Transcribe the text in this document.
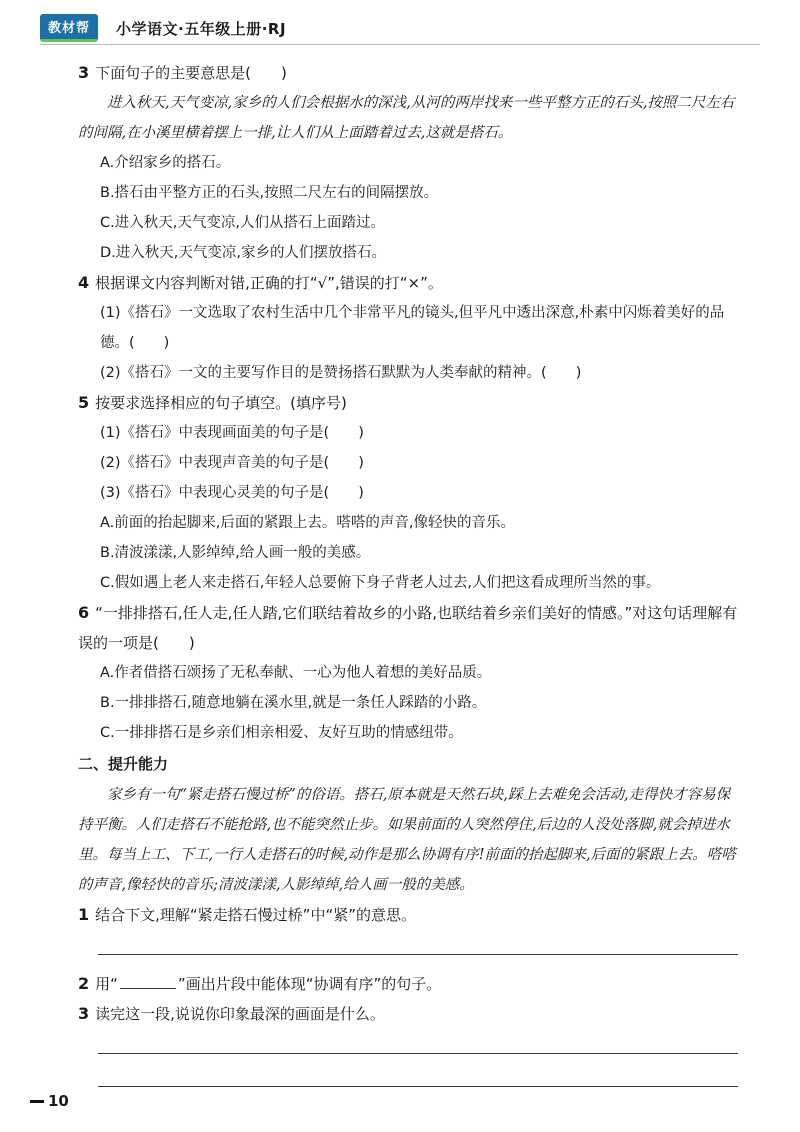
教材帮	小学语文·五年级上册·RJ

3 下面句子的主要意思是(　　)

进入秋天,天气变凉,家乡的人们会根据水的深浅,从河的两岸找来一些平整方正的石头,按照二尺左右的间隔,在小溪里横着摆上一排,让人们从上面踏着过去,这就是搭石。

A.介绍家乡的搭石。

B.搭石由平整方正的石头,按照二尺左右的间隔摆放。

C.进入秋天,天气变凉,人们从搭石上面踏过。

D.进入秋天,天气变凉,家乡的人们摆放搭石。

4 根据课文内容判断对错,正确的打“√”,错误的打“×”。

(1)《搭石》一文选取了农村生活中几个非常平凡的镜头,但平凡中透出深意,朴素中闪烁着美好的品德。(　　)

(2)《搭石》一文的主要写作目的是赞扬搭石默默为人类奉献的精神。(　　)

5 按要求选择相应的句子填空。(填序号)

(1)《搭石》中表现画面美的句子是(　　)

(2)《搭石》中表现声音美的句子是(　　)

(3)《搭石》中表现心灵美的句子是(　　)

A.前面的抬起脚来,后面的紧跟上去。嗒嗒的声音,像轻快的音乐。

B.清波漾漾,人影绰绰,给人画一般的美感。

C.假如遇上老人来走搭石,年轻人总要俯下身子背老人过去,人们把这看成理所当然的事。

6 “一排排搭石,任人走,任人踏,它们联结着故乡的小路,也联结着乡亲们美好的情感。”对这句话理解有误的一项是(　　)

A.作者借搭石颂扬了无私奉献、一心为他人着想的美好品质。

B.一排排搭石,随意地躺在溪水里,就是一条任人踩踏的小路。

C.一排排搭石是乡亲们相亲相爱、友好互助的情感纽带。

二、提升能力

家乡有一句“紧走搭石慢过桥”的俗语。搭石,原本就是天然石块,踩上去难免会活动,走得快才容易保持平衡。人们走搭石不能抢路,也不能突然止步。如果前面的人突然停住,后边的人没处落脚,就会掉进水里。每当上工、下工,一行人走搭石的时候,动作是那么协调有序!前面的抬起脚来,后面的紧跟上去。嗒嗒的声音,像轻快的音乐;清波漾漾,人影绰绰,给人画一般的美感。

1 结合下文,理解“紧走搭石慢过桥”中“紧”的意思。

2 用“	”画出片段中能体现“协调有序”的句子。

3 读完这一段,说说你印象最深的画面是什么。

10
